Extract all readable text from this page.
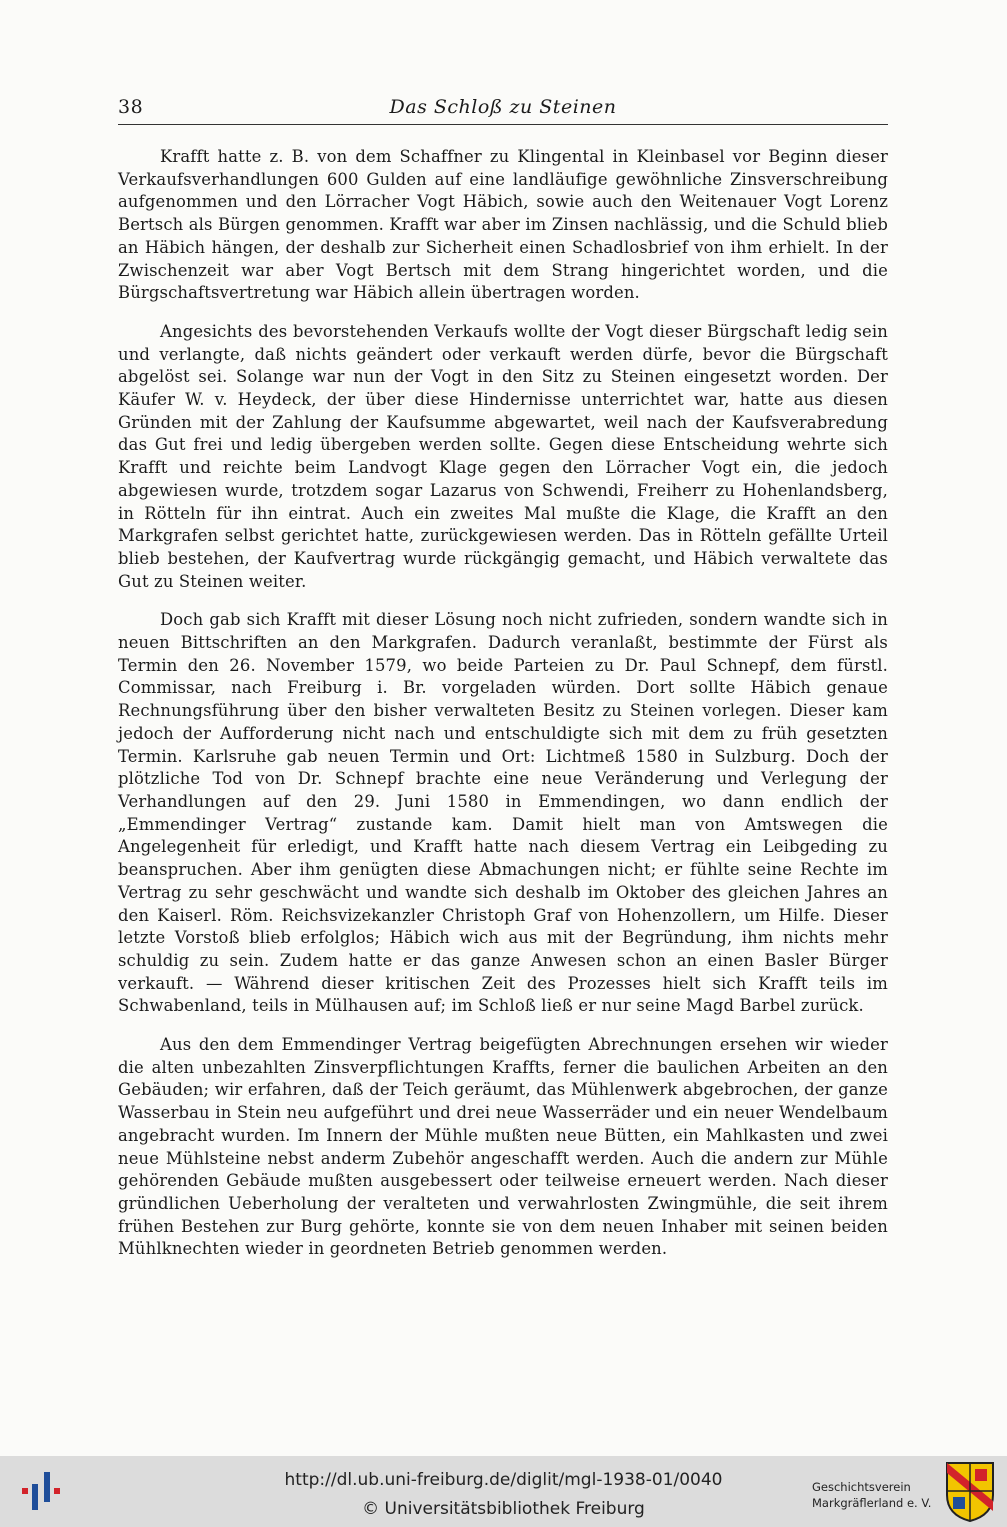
38	Das Schloß zu Steinen

Krafft hatte z. B. von dem Schaffner zu Klingental in Kleinbasel vor Beginn dieser Verkaufsverhandlungen 600 Gulden auf eine landläufige gewöhnliche Zinsverschreibung aufgenommen und den Lörracher Vogt Häbich, sowie auch den Weitenauer Vogt Lorenz Bertsch als Bürgen genommen. Krafft war aber im Zinsen nachlässig, und die Schuld blieb an Häbich hängen, der deshalb zur Sicherheit einen Schadlosbrief von ihm erhielt. In der Zwischenzeit war aber Vogt Bertsch mit dem Strang hingerichtet worden, und die Bürgschaftsvertretung war Häbich allein übertragen worden.

Angesichts des bevorstehenden Verkaufs wollte der Vogt dieser Bürgschaft ledig sein und verlangte, daß nichts geändert oder verkauft werden dürfe, bevor die Bürgschaft abgelöst sei. Solange war nun der Vogt in den Sitz zu Steinen eingesetzt worden. Der Käufer W. v. Heydeck, der über diese Hindernisse unterrichtet war, hatte aus diesen Gründen mit der Zahlung der Kaufsumme abgewartet, weil nach der Kaufsverabredung das Gut frei und ledig übergeben werden sollte. Gegen diese Entscheidung wehrte sich Krafft und reichte beim Landvogt Klage gegen den Lörracher Vogt ein, die jedoch abgewiesen wurde, trotzdem sogar Lazarus von Schwendi, Freiherr zu Hohenlandsberg, in Rötteln für ihn eintrat. Auch ein zweites Mal mußte die Klage, die Krafft an den Markgrafen selbst gerichtet hatte, zurückgewiesen werden. Das in Rötteln gefällte Urteil blieb bestehen, der Kaufvertrag wurde rückgängig gemacht, und Häbich verwaltete das Gut zu Steinen weiter.

Doch gab sich Krafft mit dieser Lösung noch nicht zufrieden, sondern wandte sich in neuen Bittschriften an den Markgrafen. Dadurch veranlaßt, bestimmte der Fürst als Termin den 26. November 1579, wo beide Parteien zu Dr. Paul Schnepf, dem fürstl. Commissar, nach Freiburg i. Br. vorgeladen würden. Dort sollte Häbich genaue Rechnungsführung über den bisher verwalteten Besitz zu Steinen vorlegen. Dieser kam jedoch der Aufforderung nicht nach und entschuldigte sich mit dem zu früh gesetzten Termin. Karlsruhe gab neuen Termin und Ort: Lichtmeß 1580 in Sulzburg. Doch der plötzliche Tod von Dr. Schnepf brachte eine neue Veränderung und Verlegung der Verhandlungen auf den 29. Juni 1580 in Emmendingen, wo dann endlich der „Emmendinger Vertrag“ zustande kam. Damit hielt man von Amtswegen die Angelegenheit für erledigt, und Krafft hatte nach diesem Vertrag ein Leibgeding zu beanspruchen. Aber ihm genügten diese Abmachungen nicht; er fühlte seine Rechte im Vertrag zu sehr geschwächt und wandte sich deshalb im Oktober des gleichen Jahres an den Kaiserl. Röm. Reichsvizekanzler Christoph Graf von Hohenzollern, um Hilfe. Dieser letzte Vorstoß blieb erfolglos; Häbich wich aus mit der Begründung, ihm nichts mehr schuldig zu sein. Zudem hatte er das ganze Anwesen schon an einen Basler Bürger verkauft. — Während dieser kritischen Zeit des Prozesses hielt sich Krafft teils im Schwabenland, teils in Mülhausen auf; im Schloß ließ er nur seine Magd Barbel zurück.

Aus den dem Emmendinger Vertrag beigefügten Abrechnungen ersehen wir wieder die alten unbezahlten Zinsverpflichtungen Kraffts, ferner die baulichen Arbeiten an den Gebäuden; wir erfahren, daß der Teich geräumt, das Mühlenwerk abgebrochen, der ganze Wasserbau in Stein neu aufgeführt und drei neue Wasserräder und ein neuer Wendelbaum angebracht wurden. Im Innern der Mühle mußten neue Bütten, ein Mahlkasten und zwei neue Mühlsteine nebst anderm Zubehör angeschafft werden. Auch die andern zur Mühle gehörenden Gebäude mußten ausgebessert oder teilweise erneuert werden. Nach dieser gründlichen Ueberholung der veralteten und verwahrlosten Zwingmühle, die seit ihrem frühen Bestehen zur Burg gehörte, konnte sie von dem neuen Inhaber mit seinen beiden Mühlknechten wieder in geordneten Betrieb genommen werden.

http://dl.ub.uni-freiburg.de/diglit/mgl-1938-01/0040
© Universitätsbibliothek Freiburg
Geschichtsverein
Markgräflerland e. V.
